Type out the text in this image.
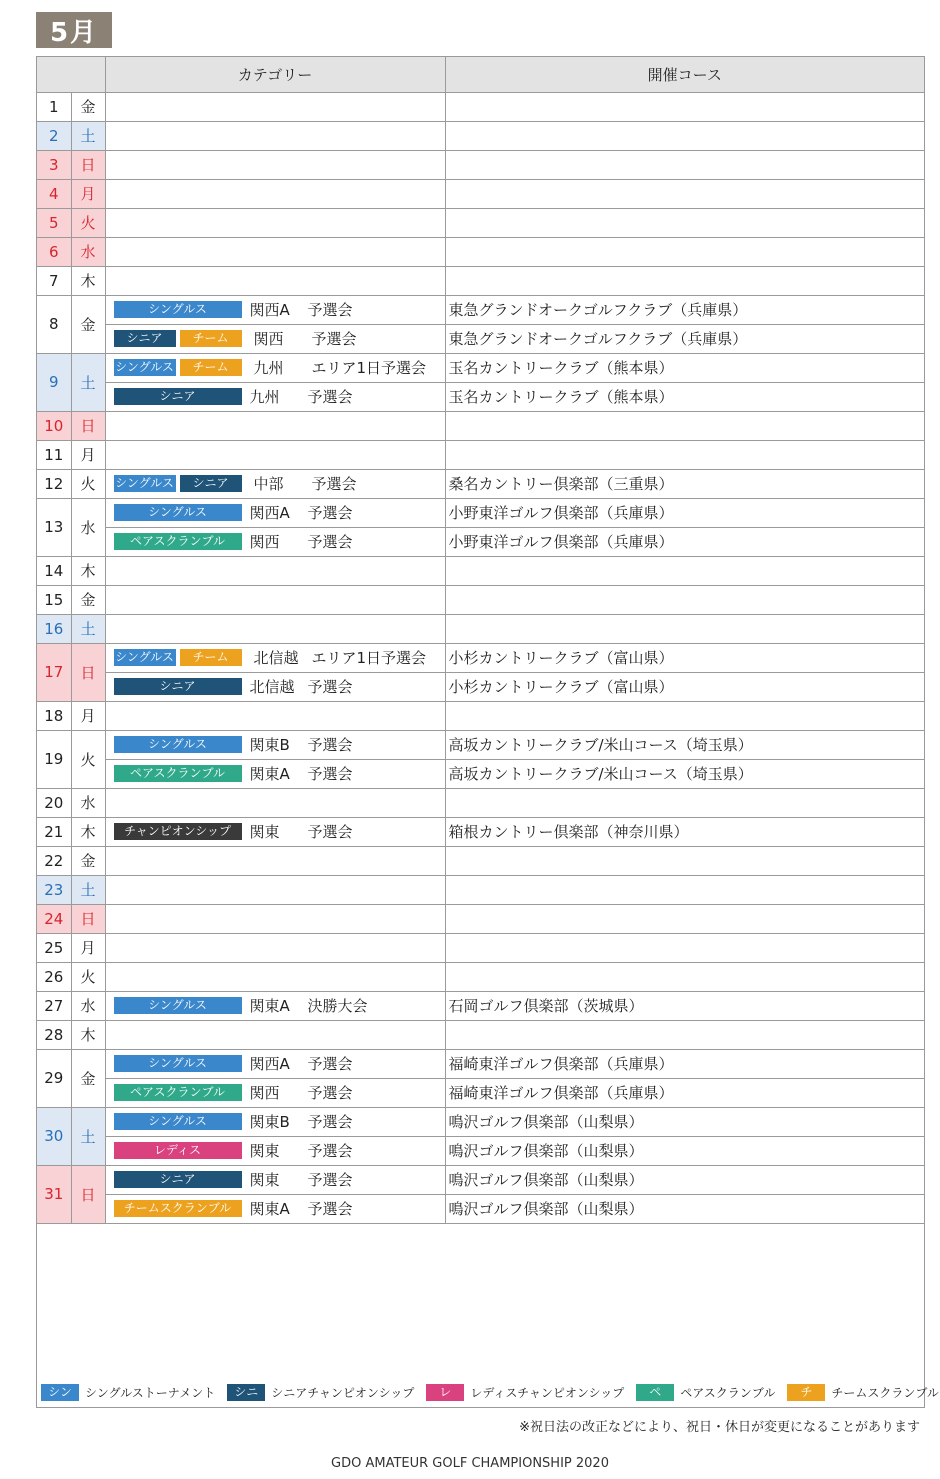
5月
		カテゴリー	開催コース
1	金		
2	土		
3	日		
4	月		
5	火		
6	水		
7	木		
8	金	シングルス 関西A 予選会	東急グランドオークゴルフクラブ（兵庫県）
		シニア チーム 関西 予選会	東急グランドオークゴルフクラブ（兵庫県）
9	土	シングルス チーム 九州 エリア1日予選会	玉名カントリークラブ（熊本県）
		シニア 九州 予選会	玉名カントリークラブ（熊本県）
10	日		
11	月		
12	火	シングルス シニア 中部 予選会	桑名カントリー倶楽部（三重県）
13	水	シングルス 関西A 予選会	小野東洋ゴルフ倶楽部（兵庫県）
		ペアスクランブル 関西 予選会	小野東洋ゴルフ倶楽部（兵庫県）
14	木		
15	金		
16	土		
17	日	シングルス チーム 北信越 エリア1日予選会	小杉カントリークラブ（富山県）
		シニア 北信越 予選会	小杉カントリークラブ（富山県）
18	月		
19	火	シングルス 関東B 予選会	高坂カントリークラブ/米山コース（埼玉県）
		ペアスクランブル 関東A 予選会	高坂カントリークラブ/米山コース（埼玉県）
20	水		
21	木	チャンピオンシップ 関東 予選会	箱根カントリー倶楽部（神奈川県）
22	金		
23	土		
24	日		
25	月		
26	火		
27	水	シングルス 関東A 決勝大会	石岡ゴルフ倶楽部（茨城県）
28	木		
29	金	シングルス 関西A 予選会	福崎東洋ゴルフ倶楽部（兵庫県）
		ペアスクランブル 関西 予選会	福崎東洋ゴルフ倶楽部（兵庫県）
30	土	シングルス 関東B 予選会	鳴沢ゴルフ倶楽部（山梨県）
		レディス 関東 予選会	鳴沢ゴルフ倶楽部（山梨県）
31	日	シニア 関東 予選会	鳴沢ゴルフ倶楽部（山梨県）
		チームスクランブル 関東A 予選会	鳴沢ゴルフ倶楽部（山梨県）
シン	シングルストーナメント	シニ	シニアチャンピオンシップ	レ	レディスチャンピオンシップ	ペ	ペアスクランブル	チ	チームスクランブル
※祝日法の改正などにより、祝日・休日が変更になることがあります
GDO AMATEUR GOLF CHAMPIONSHIP 2020
